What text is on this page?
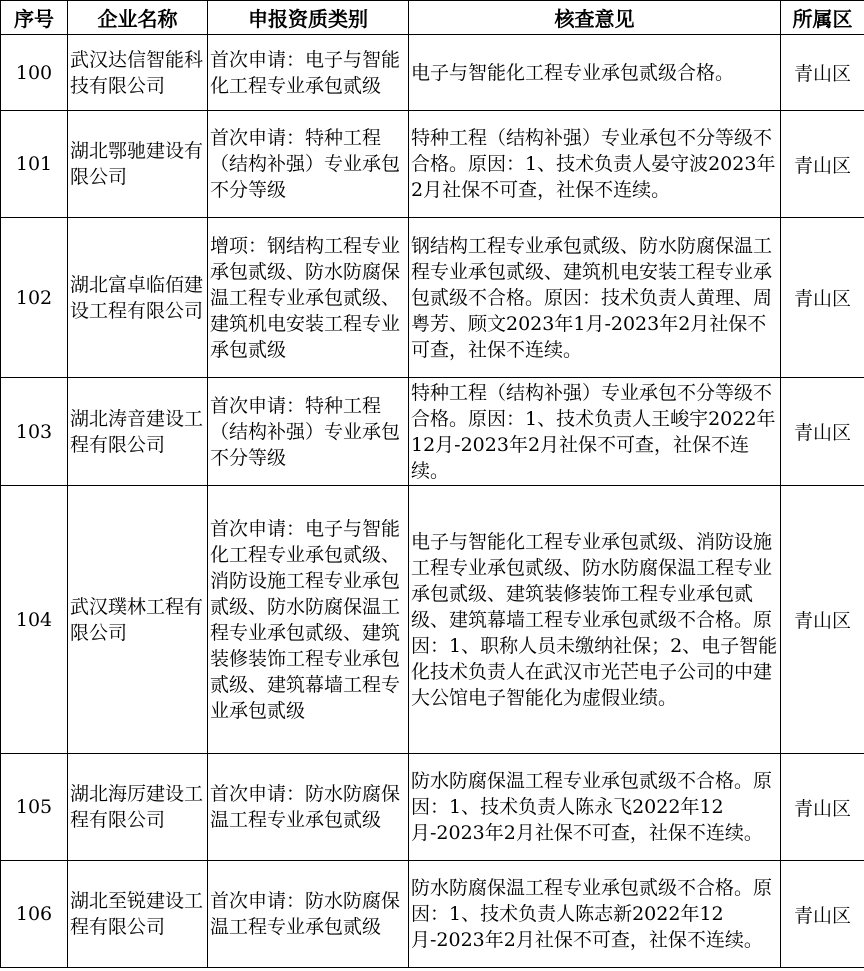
序号	企业名称	申报资质类别	核查意见	所属区
100	武汉达信智能科技有限公司	首次申请：电子与智能化工程专业承包贰级	电子与智能化工程专业承包贰级合格。	青山区
101	湖北鄂驰建设有限公司	首次申请：特种工程（结构补强）专业承包不分等级	特种工程（结构补强）专业承包不分等级不合格。原因：1、技术负责人晏守波2023年2月社保不可查，社保不连续。	青山区
102	湖北富卓临佰建设工程有限公司	增项：钢结构工程专业承包贰级、防水防腐保温工程专业承包贰级、建筑机电安装工程专业承包贰级	钢结构工程专业承包贰级、防水防腐保温工程专业承包贰级、建筑机电安装工程专业承包贰级不合格。原因：技术负责人黄理、周粤芳、顾文2023年1月-2023年2月社保不可查，社保不连续。	青山区
103	湖北涛音建设工程有限公司	首次申请：特种工程（结构补强）专业承包不分等级	特种工程（结构补强）专业承包不分等级不合格。原因：1、技术负责人王峻宇2022年12月-2023年2月社保不可查，社保不连续。	青山区
104	武汉璞林工程有限公司	首次申请：电子与智能化工程专业承包贰级、消防设施工程专业承包贰级、防水防腐保温工程专业承包贰级、建筑装修装饰工程专业承包贰级、建筑幕墙工程专业承包贰级	电子与智能化工程专业承包贰级、消防设施工程专业承包贰级、防水防腐保温工程专业承包贰级、建筑装修装饰工程专业承包贰级、建筑幕墙工程专业承包贰级不合格。原因：1、职称人员未缴纳社保；2、电子智能化技术负责人在武汉市光芒电子公司的中建大公馆电子智能化为虚假业绩。	青山区
105	湖北海厉建设工程有限公司	首次申请：防水防腐保温工程专业承包贰级	防水防腐保温工程专业承包贰级不合格。原因：1、技术负责人陈永飞2022年12月-2023年2月社保不可查，社保不连续。	青山区
106	湖北至锐建设工程有限公司	首次申请：防水防腐保温工程专业承包贰级	防水防腐保温工程专业承包贰级不合格。原因：1、技术负责人陈志新2022年12月-2023年2月社保不可查，社保不连续。	青山区
